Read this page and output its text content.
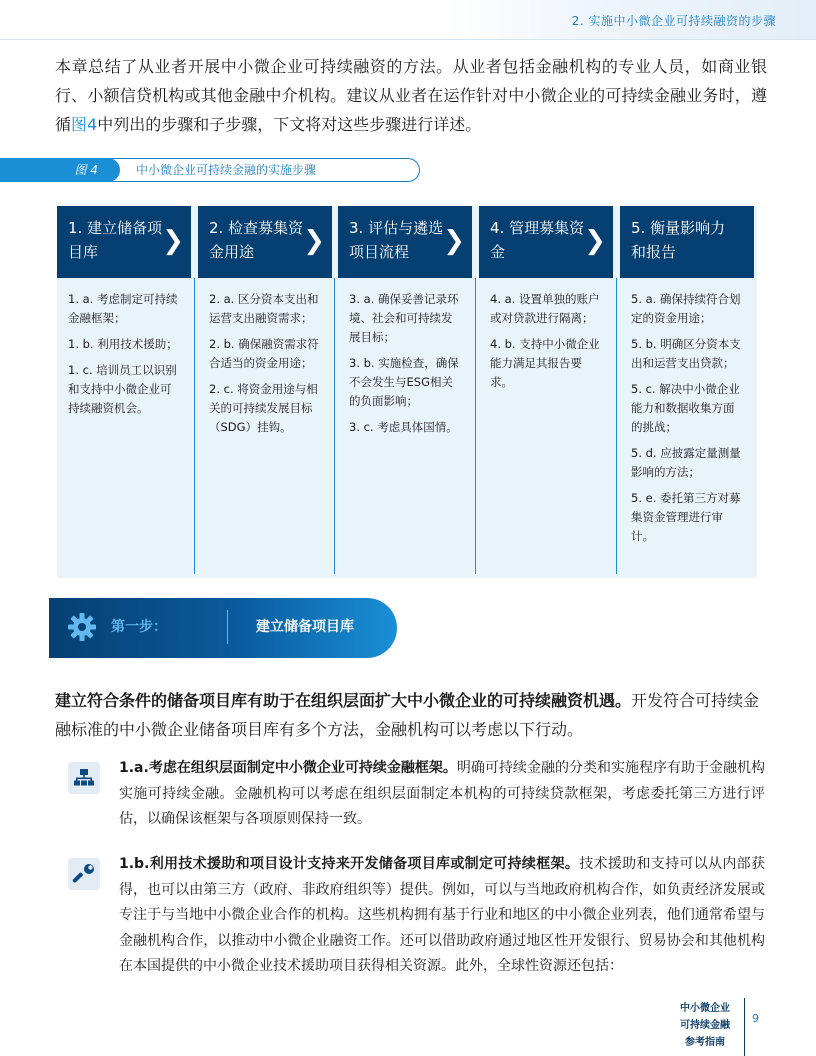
2. 实施中小微企业可持续融资的步骤
本章总结了从业者开展中小微企业可持续融资的方法。从业者包括金融机构的专业人员，如商业银行、小额信贷机构或其他金融中介机构。建议从业者在运作针对中小微企业的可持续金融业务时，遵循图4中列出的步骤和子步骤，下文将对这些步骤进行详述。
图 4	中小微企业可持续金融的实施步骤
1. 建立储备项目库 ❯

1. a. 考虑制定可持续金融框架；

1. b. 利用技术援助；

1. c. 培训员工以识别和支持中小微企业可持续融资机会。

2. 检查募集资金用途 ❯

2. a. 区分资本支出和运营支出融资需求；

2. b. 确保融资需求符合适当的资金用途；

2. c. 将资金用途与相关的可持续发展目标（SDG）挂钩。

3. 评估与遴选项目流程 ❯

3. a. 确保妥善记录环境、社会和可持续发展目标；

3. b. 实施检查，确保不会发生与ESG相关的负面影响；

3. c. 考虑具体国情。

4. 管理募集资金	❯

4. a. 设置单独的账户或对贷款进行隔离；

4. b. 支持中小微企业能力满足其报告要求。

5. 衡量影响力和报告

5. a. 确保持续符合划定的资金用途；

5. b. 明确区分资本支出和运营支出贷款；

5. c. 解决中小微企业能力和数据收集方面的挑战；

5. d. 应披露定量测量影响的方法；

5. e. 委托第三方对募集资金管理进行审计。

第一步：	建立储备项目库
建立符合条件的储备项目库有助于在组织层面扩大中小微企业的可持续融资机遇。开发符合可持续金融标准的中小微企业储备项目库有多个方法，金融机构可以考虑以下行动。
1.a.考虑在组织层面制定中小微企业可持续金融框架。明确可持续金融的分类和实施程序有助于金融机构实施可持续金融。金融机构可以考虑在组织层面制定本机构的可持续贷款框架，考虑委托第三方进行评估，以确保该框架与各项原则保持一致。
1.b.利用技术援助和项目设计支持来开发储备项目库或制定可持续框架。技术援助和支持可以从内部获得，也可以由第三方（政府、非政府组织等）提供。例如，可以与当地政府机构合作，如负责经济发展或专注于与当地中小微企业合作的机构。这些机构拥有基于行业和地区的中小微企业列表，他们通常希望与金融机构合作，以推动中小微企业融资工作。还可以借助政府通过地区性开发银行、贸易协会和其他机构在本国提供的中小微企业技术援助项目获得相关资源。此外，全球性资源还包括：
中小微企业
可持续金融
参考指南
9
